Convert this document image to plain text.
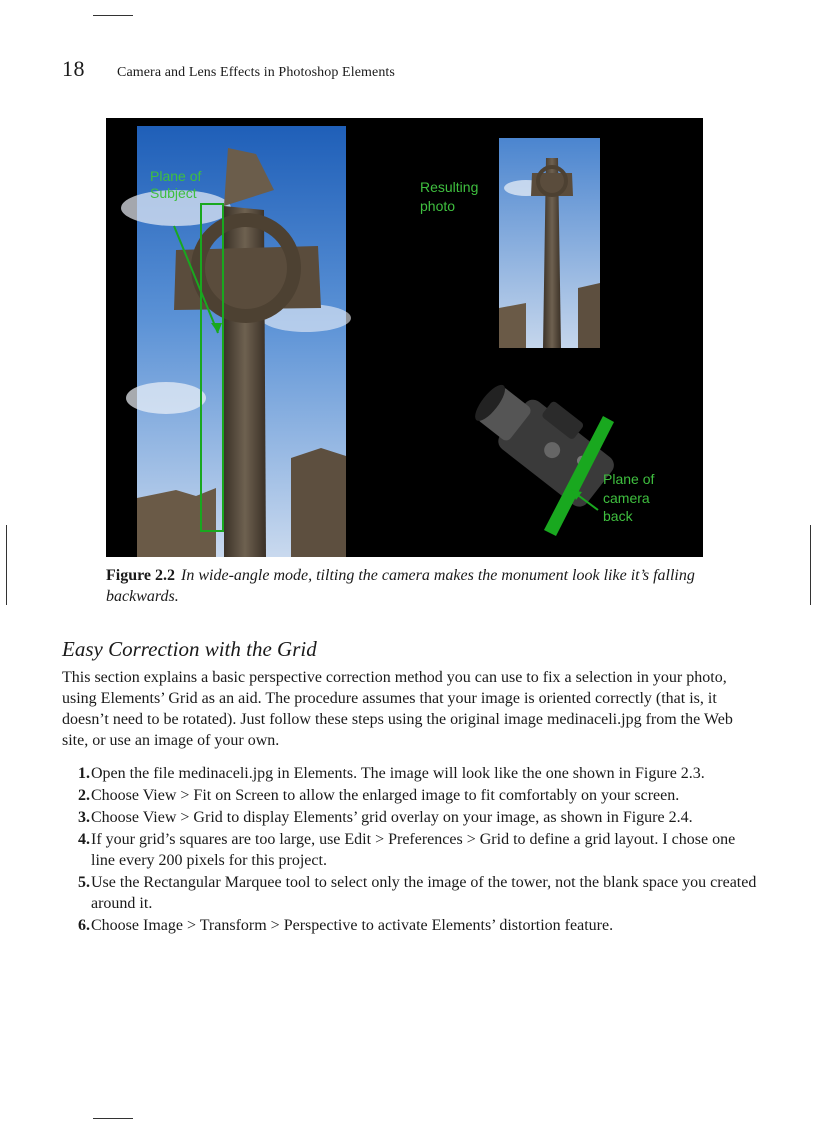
18 Camera and Lens Effects in Photoshop Elements
Plane of
Subject	Resulting
photo
Plane of
camera
back
Figure 2.2 In wide-angle mode, tilting the camera makes the monument look like it’s falling backwards.
Easy Correction with the Grid

This section explains a basic perspective correction method you can use to fix a selection in your photo, using Elements’ Grid as an aid. The procedure assumes that your image is oriented correctly (that is, it doesn’t need to be rotated). Just follow these steps using the original image medinaceli.jpg from the Web site, or use an image of your own.

1. Open the file medinaceli.jpg in Elements. The image will look like the one shown in Figure 2.3.
2. Choose View > Fit on Screen to allow the enlarged image to fit comfortably on your screen.
3. Choose View > Grid to display Elements’ grid overlay on your image, as shown in Figure 2.4.
4. If your grid’s squares are too large, use Edit > Preferences > Grid to define a grid layout. I chose one line every 200 pixels for this project.
5. Use the Rectangular Marquee tool to select only the image of the tower, not the blank space you created around it.
6. Choose Image > Transform > Perspective to activate Elements’ distortion feature.
